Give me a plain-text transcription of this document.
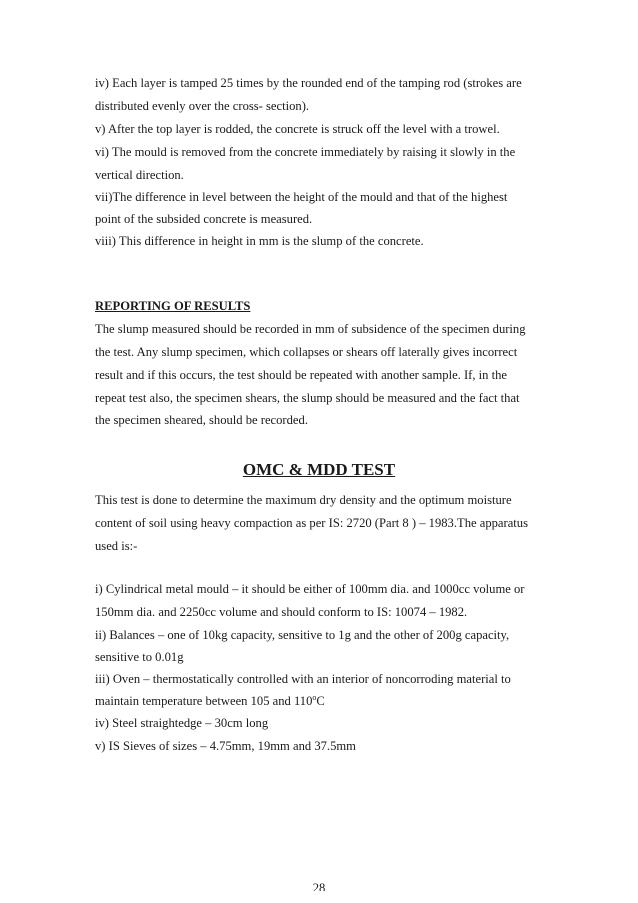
iv) Each layer is tamped 25 times by the rounded end of the tamping rod (strokes are
distributed evenly over the cross- section).
v) After the top layer is rodded, the concrete is struck off the level with a trowel.
vi) The mould is removed from the concrete immediately by raising it slowly in the
vertical direction.
vii)The difference in level between the height of the mould and that of the highest
point of the subsided concrete is measured.
viii) This difference in height in mm is the slump of the concrete.
REPORTING OF RESULTS
The slump measured should be recorded in mm of subsidence of the specimen during
the test. Any slump specimen, which collapses or shears off laterally gives incorrect
result and if this occurs, the test should be repeated with another sample. If, in the
repeat test also, the specimen shears, the slump should be measured and the fact that
the specimen sheared, should be recorded.
OMC & MDD TEST
This test is done to determine the maximum dry density and the optimum moisture
content of soil using heavy compaction as per IS: 2720 (Part 8 ) – 1983.The apparatus
used is:-
i) Cylindrical metal mould – it should be either of 100mm dia. and 1000cc volume or
150mm dia. and 2250cc volume and should conform to IS: 10074 – 1982.
ii) Balances – one of 10kg capacity, sensitive to 1g and the other of 200g capacity,
sensitive to 0.01g
iii) Oven – thermostatically controlled with an interior of noncorroding material to
maintain temperature between 105 and 110$^o$C
iv) Steel straightedge – 30cm long
v) IS Sieves of sizes – 4.75mm, 19mm and 37.5mm
28
